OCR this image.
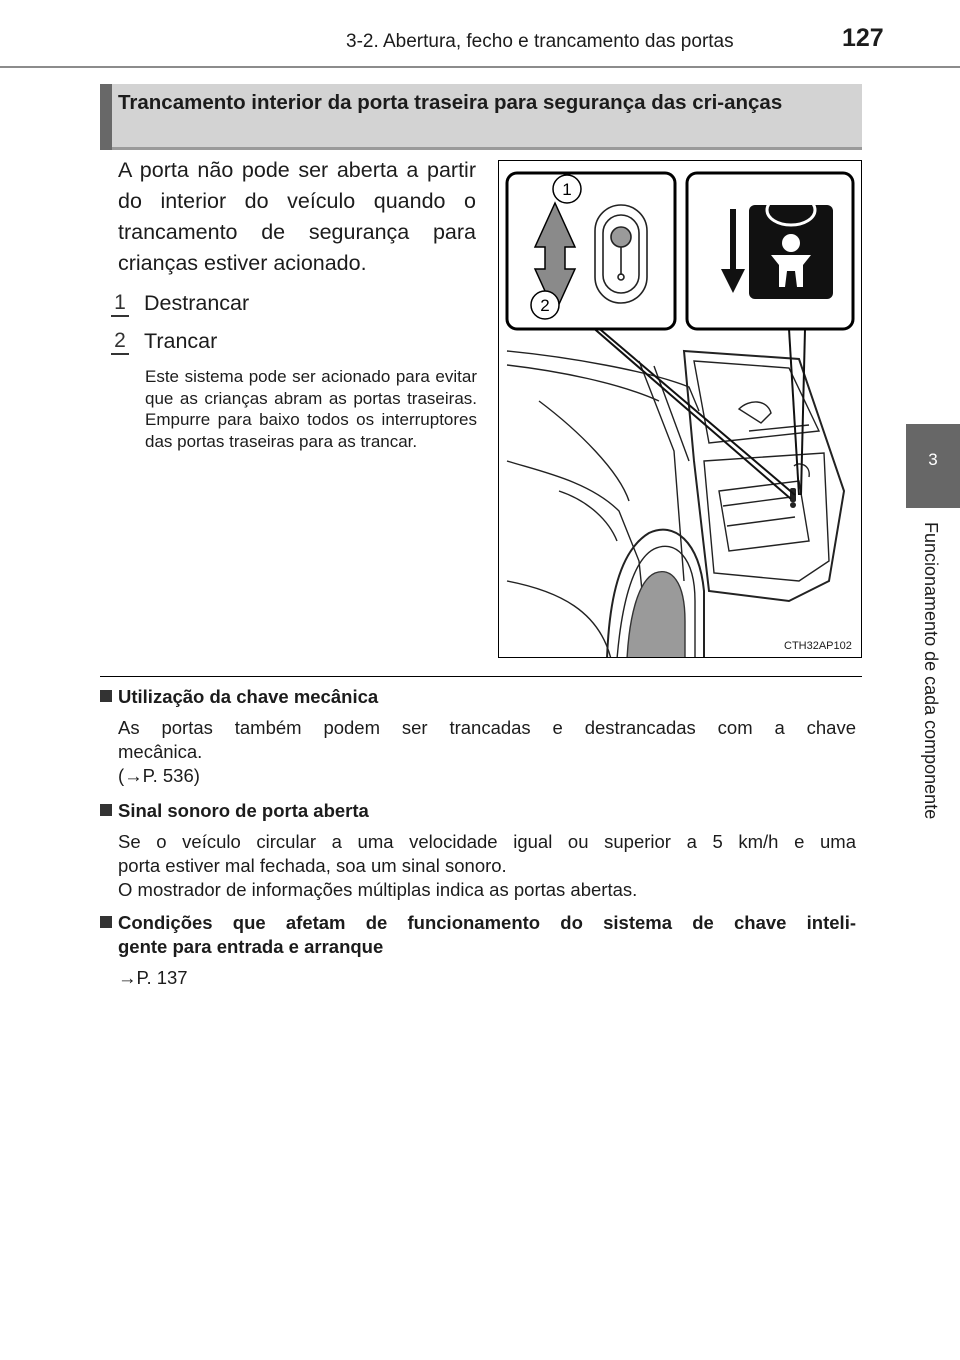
3-2. Abertura, fecho e trancamento das portas	127
3
Funcionamento de cada componente
Trancamento interior da porta traseira para segurança das cri-anças
A porta não pode ser aberta a partir do interior do veículo quando o trancamento de segurança para crianças estiver acionado.
1 Destrancar
2 Trancar
Este sistema pode ser acionado para evitar que as crianças abram as portas traseiras. Empurre para baixo todos os interruptores das portas traseiras para as trancar.
1
2
CTH32AP102
Utilização da chave mecânica
As portas também podem ser trancadas e destrancadas com a chave
mecânica.
(→P. 536)
Sinal sonoro de porta aberta
Se o veículo circular a uma velocidade igual ou superior a 5 km/h e uma
porta estiver mal fechada, soa um sinal sonoro.
O mostrador de informações múltiplas indica as portas abertas.
Condições que afetam de funcionamento do sistema de chave inteli-
gente para entrada e arranque
→P. 137
